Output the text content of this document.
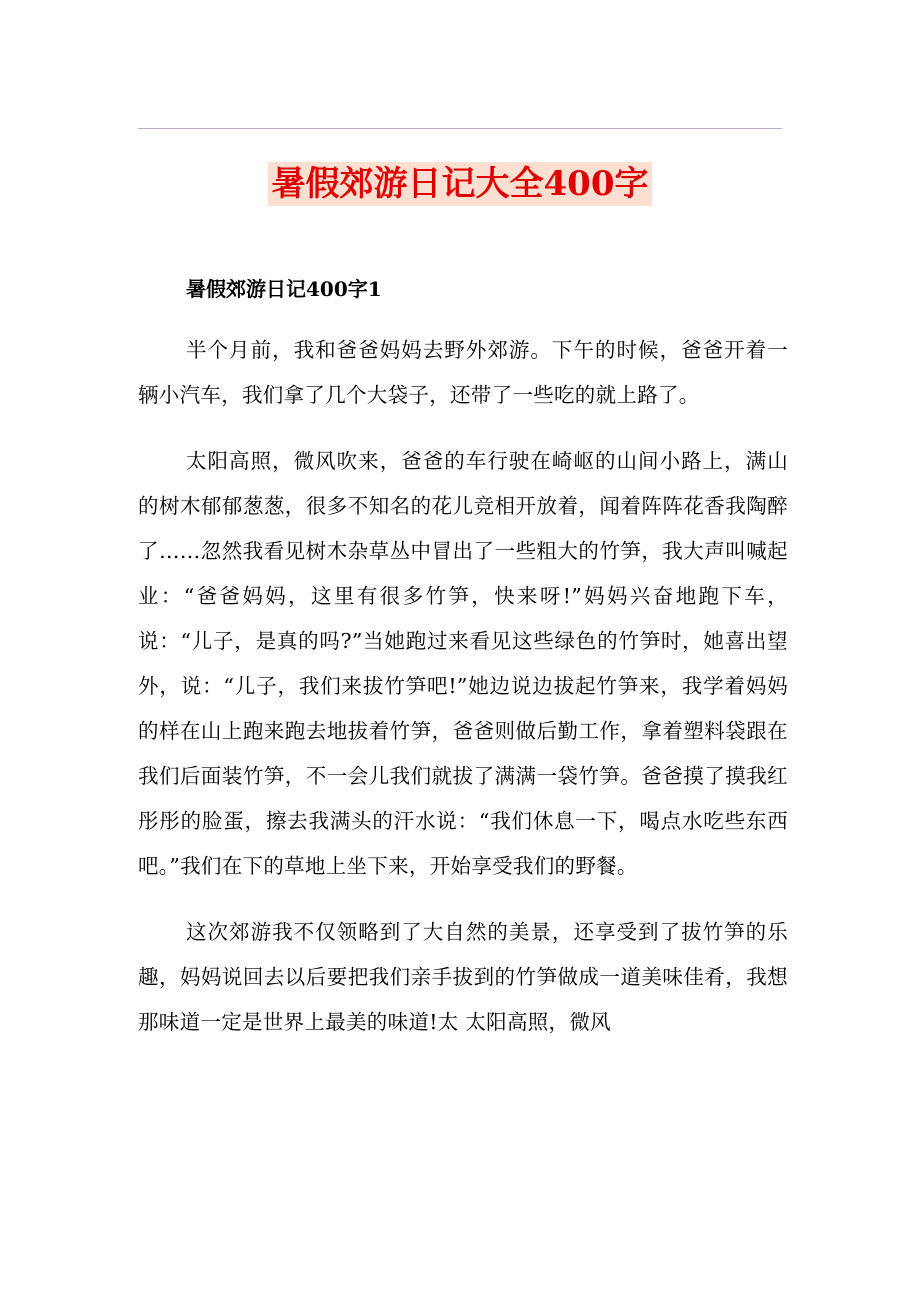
暑假郊游日记大全400字
暑假郊游日记400字1

半个月前，我和爸爸妈妈去野外郊游。下午的时候，爸爸开着一辆小汽车，我们拿了几个大袋子，还带了一些吃的就上路了。

太阳高照，微风吹来，爸爸的车行驶在崎岖的山间小路上，满山的树木郁郁葱葱，很多不知名的花儿竞相开放着，闻着阵阵花香我陶醉了……忽然我看见树木杂草丛中冒出了一些粗大的竹笋，我大声叫喊起业：“爸爸妈妈，这里有很多竹笋，快来呀!”妈妈兴奋地跑下车，说：“儿子，是真的吗?”当她跑过来看见这些绿色的竹笋时，她喜出望外，说：“儿子，我们来拔竹笋吧!”她边说边拔起竹笋来，我学着妈妈的样在山上跑来跑去地拔着竹笋，爸爸则做后勤工作，拿着塑料袋跟在我们后面装竹笋，不一会儿我们就拔了满满一袋竹笋。爸爸摸了摸我红彤彤的脸蛋，擦去我满头的汗水说：“我们休息一下，喝点水吃些东西吧。”我们在下的草地上坐下来，开始享受我们的野餐。

这次郊游我不仅领略到了大自然的美景，还享受到了拔竹笋的乐趣，妈妈说回去以后要把我们亲手拔到的竹笋做成一道美味佳肴，我想那味道一定是世界上最美的味道!太 太阳高照，微风
